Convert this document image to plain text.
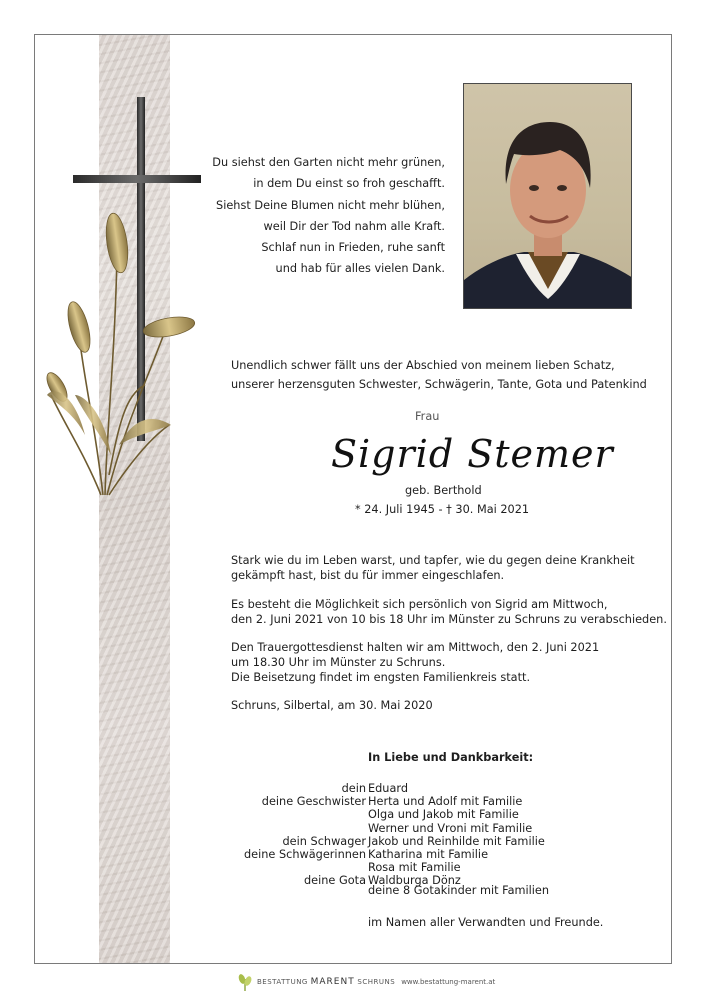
Du siehst den Garten nicht mehr grünen,
in dem Du einst so froh geschafft.
Siehst Deine Blumen nicht mehr blühen,
weil Dir der Tod nahm alle Kraft.
Schlaf nun in Frieden, ruhe sanft
und hab für alles vielen Dank.
Unendlich schwer fällt uns der Abschied von meinem lieben Schatz, unserer herzensguten Schwester, Schwägerin, Tante, Gota und Patenkind
Frau
Sigrid Stemer
geb. Berthold
* 24. Juli 1945 - † 30. Mai 2021
Stark wie du im Leben warst, und tapfer, wie du gegen deine Krankheit
gekämpft hast, bist du für immer eingeschlafen.
Es besteht die Möglichkeit sich persönlich von Sigrid am Mittwoch,
den 2. Juni 2021 von 10 bis 18 Uhr im Münster zu Schruns zu verabschieden.
Den Trauergottesdienst halten wir am Mittwoch, den 2. Juni 2021
um 18.30 Uhr im Münster zu Schruns.
Die Beisetzung findet im engsten Familienkreis statt.
Schruns, Silbertal, am 30. Mai 2020
In Liebe und Dankbarkeit:
dein
deine Geschwister
dein Schwager
deine Schwägerinnen
deine Gota
Eduard
Herta und Adolf mit Familie
Olga und Jakob mit Familie
Werner und Vroni mit Familie
Jakob und Reinhilde mit Familie
Katharina mit Familie
Rosa mit Familie
Waldburga Dönz
deine 8 Gotakinder mit Familien
im Namen aller Verwandten und Freunde.
BESTATTUNG MARENT SCHRUNS www.bestattung-marent.at
